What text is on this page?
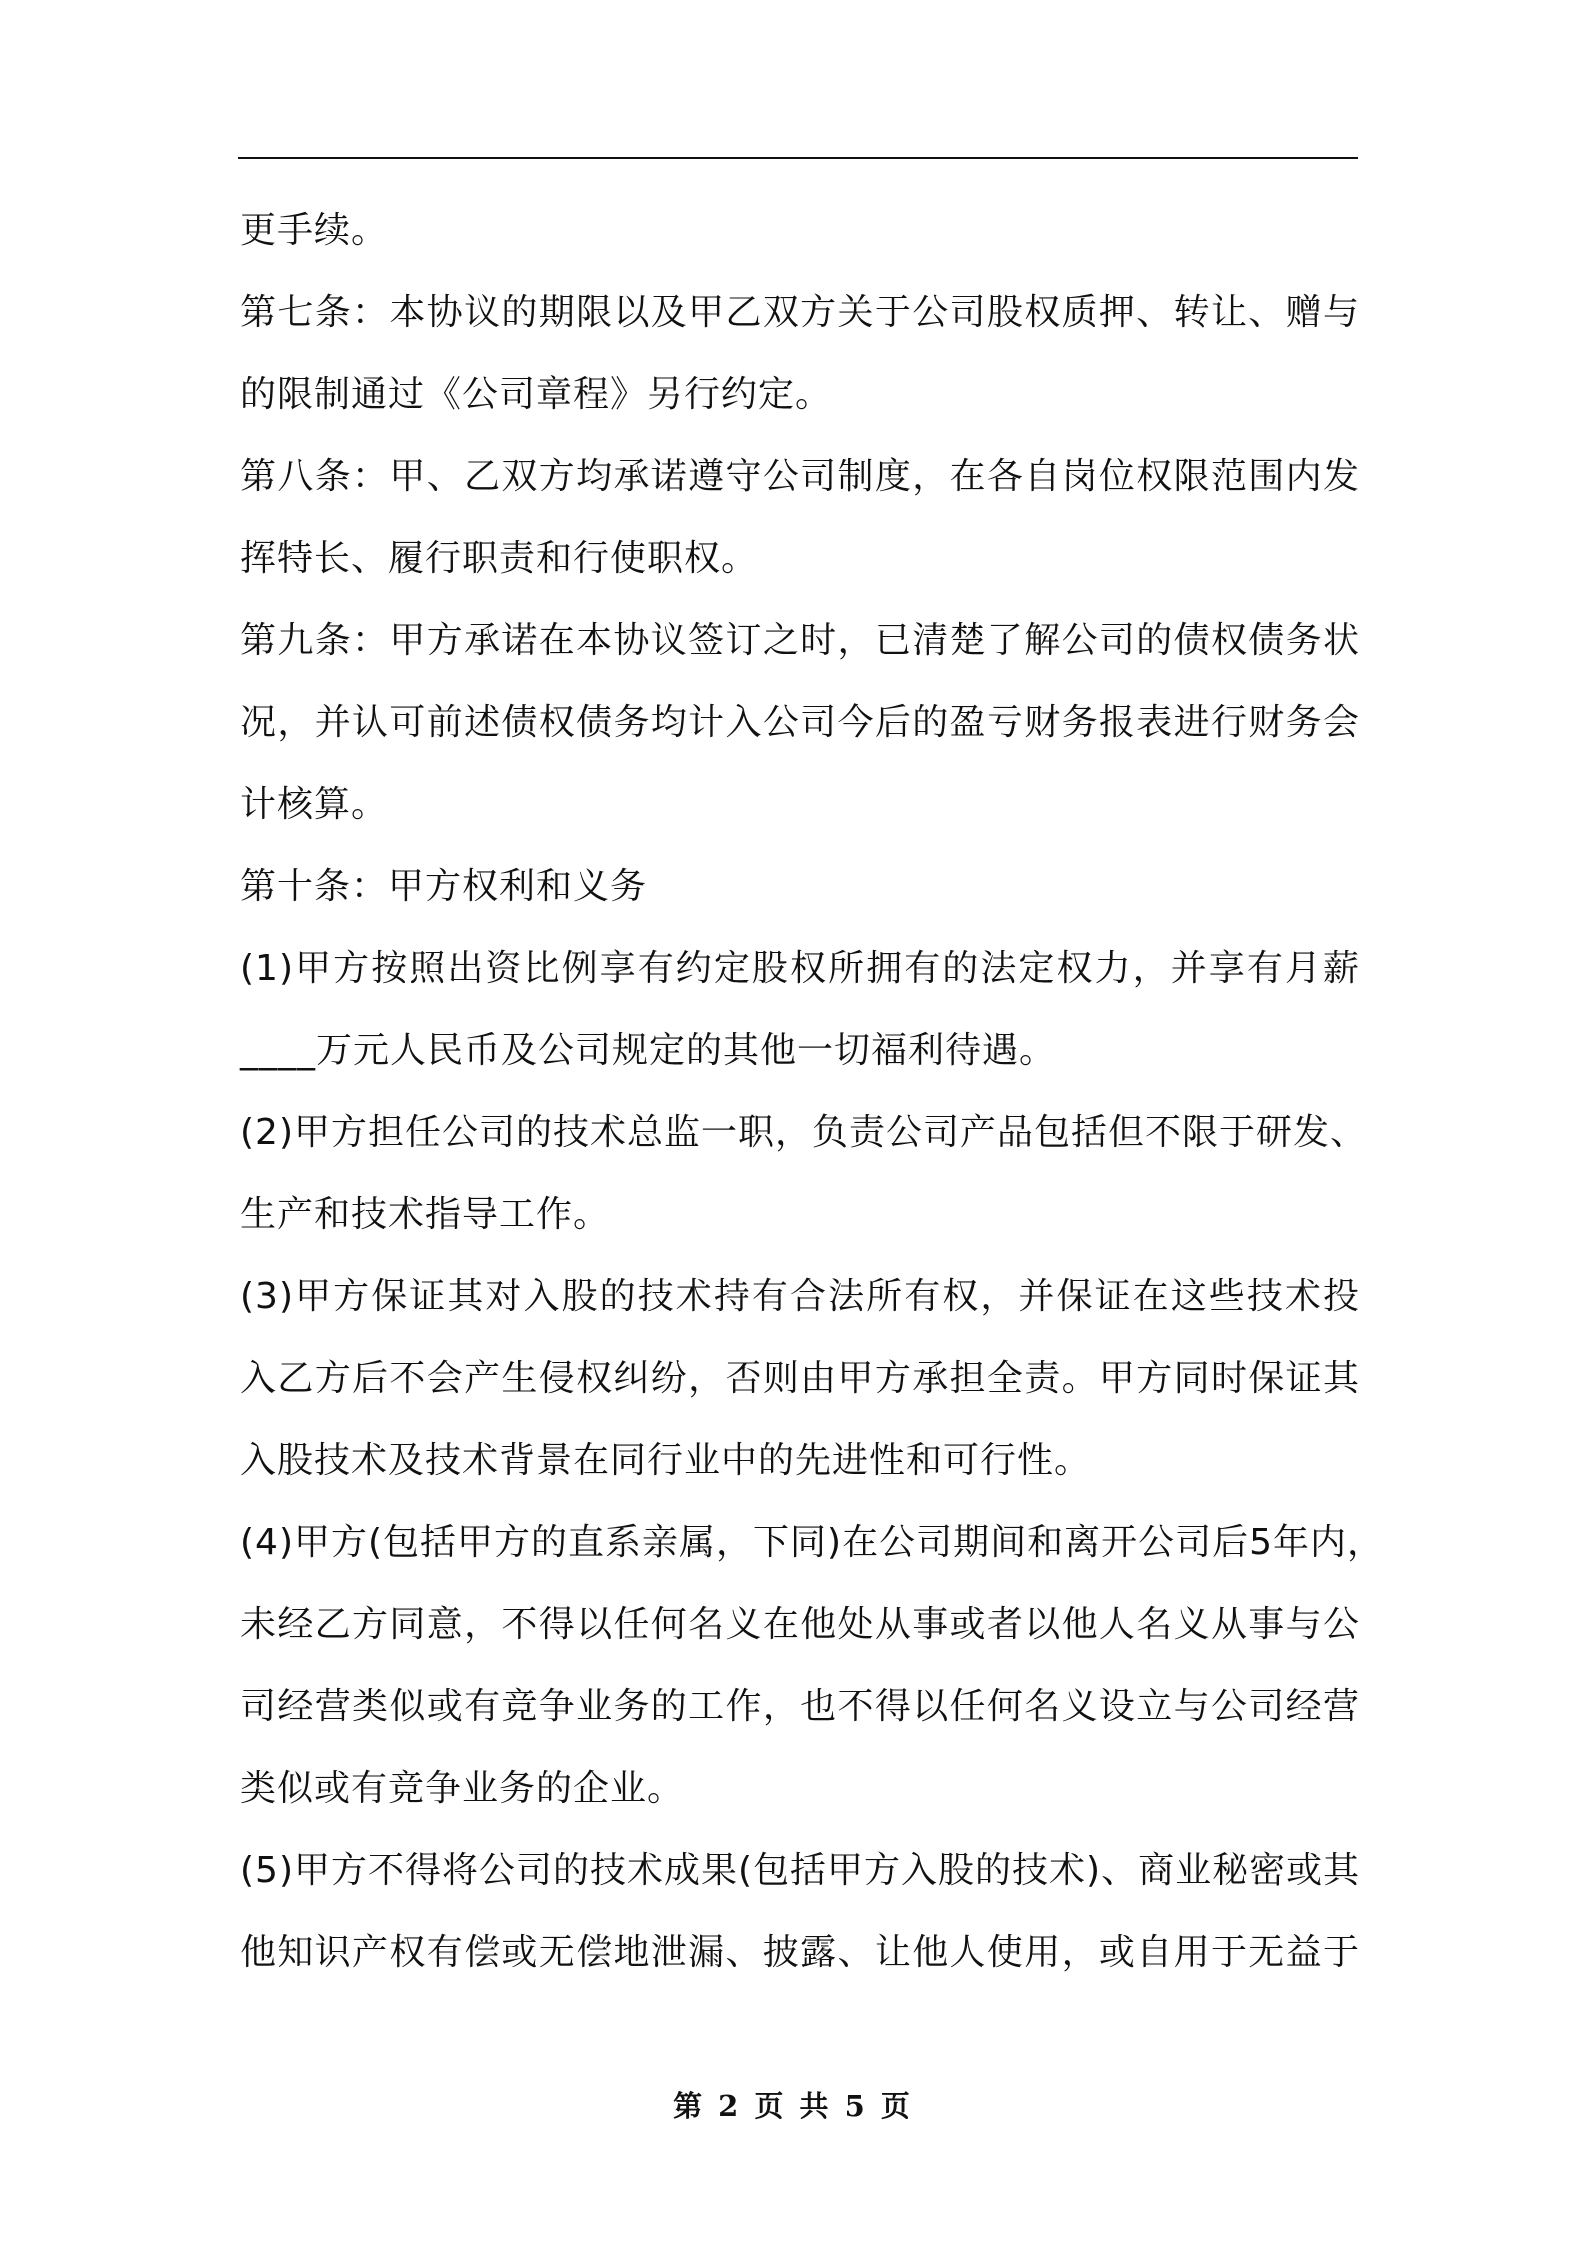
更手续。
第七条：本协议的期限以及甲乙双方关于公司股权质押、转让、赠与
的限制通过《公司章程》另行约定。
第八条：甲、乙双方均承诺遵守公司制度，在各自岗位权限范围内发
挥特长、履行职责和行使职权。
第九条：甲方承诺在本协议签订之时，已清楚了解公司的债权债务状
况，并认可前述债权债务均计入公司今后的盈亏财务报表进行财务会
计核算。
第十条：甲方权利和义务
(1)甲方按照出资比例享有约定股权所拥有的法定权力，并享有月薪
____万元人民币及公司规定的其他一切福利待遇。
(2)甲方担任公司的技术总监一职，负责公司产品包括但不限于研发、
生产和技术指导工作。
(3)甲方保证其对入股的技术持有合法所有权，并保证在这些技术投
入乙方后不会产生侵权纠纷，否则由甲方承担全责。甲方同时保证其
入股技术及技术背景在同行业中的先进性和可行性。
(4)甲方(包括甲方的直系亲属，下同)在公司期间和离开公司后5年内，
未经乙方同意，不得以任何名义在他处从事或者以他人名义从事与公
司经营类似或有竞争业务的工作，也不得以任何名义设立与公司经营
类似或有竞争业务的企业。
(5)甲方不得将公司的技术成果(包括甲方入股的技术)、商业秘密或其
他知识产权有偿或无偿地泄漏、披露、让他人使用，或自用于无益于
第 2 页 共 5 页
